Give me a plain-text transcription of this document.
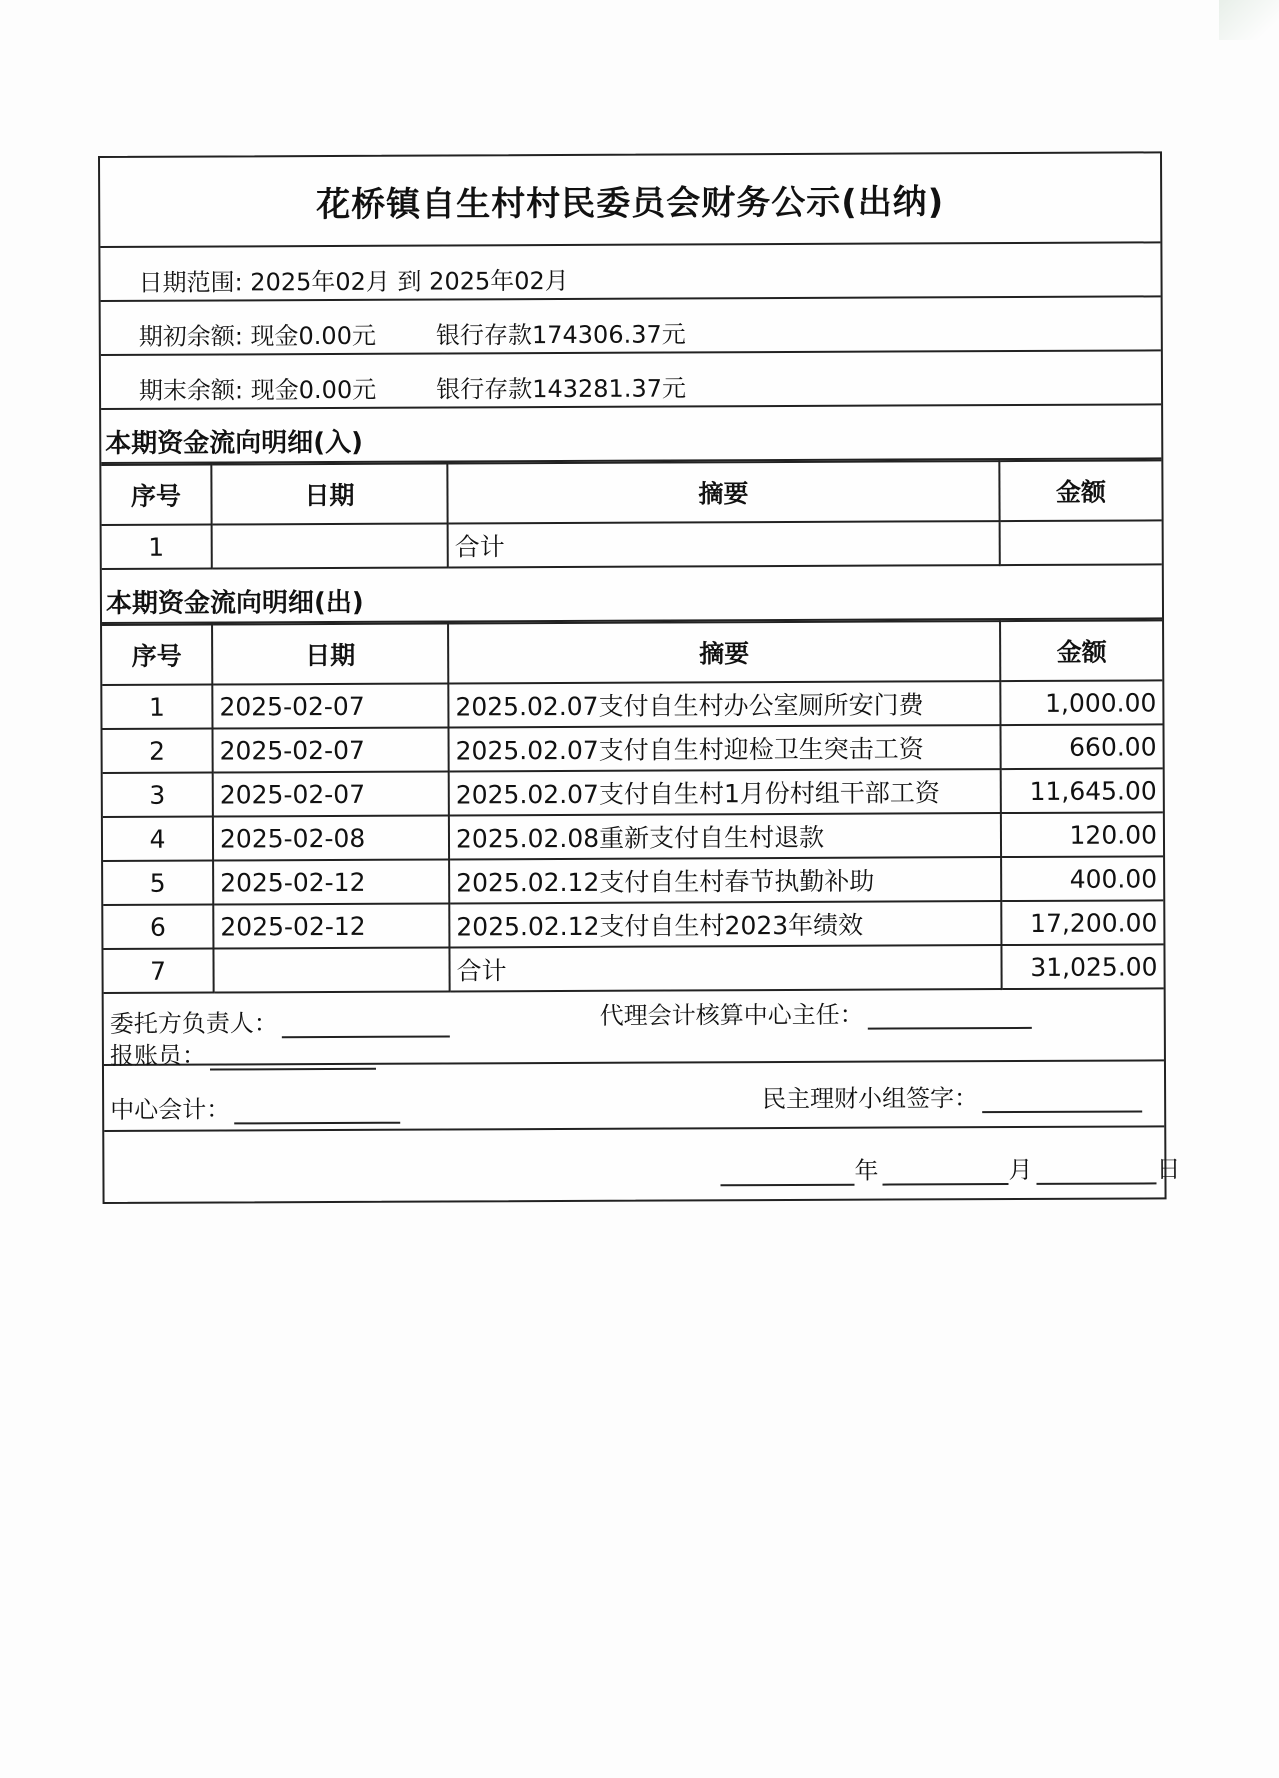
花桥镇自生村村民委员会财务公示(出纳)
日期范围: 2025年02月 到 2025年02月
期初余额: 现金0.00元 银行存款174306.37元
期末余额: 现金0.00元 银行存款143281.37元
本期资金流向明细(入)
序号	日期	摘要	金额
1		合计	
本期资金流向明细(出)
序号	日期	摘要	金额
1	2025-02-07	2025.02.07支付自生村办公室厕所安门费	1,000.00
2	2025-02-07	2025.02.07支付自生村迎检卫生突击工资	660.00
3	2025-02-07	2025.02.07支付自生村1月份村组干部工资	11,645.00
4	2025-02-08	2025.02.08重新支付自生村退款	120.00
5	2025-02-12	2025.02.12支付自生村春节执勤补助	400.00
6	2025-02-12	2025.02.12支付自生村2023年绩效	17,200.00
7		合计	31,025.00
委托方负责人：	代理会计核算中心主任：
报账员：
中心会计：	民主理财小组签字：
年	月	日
